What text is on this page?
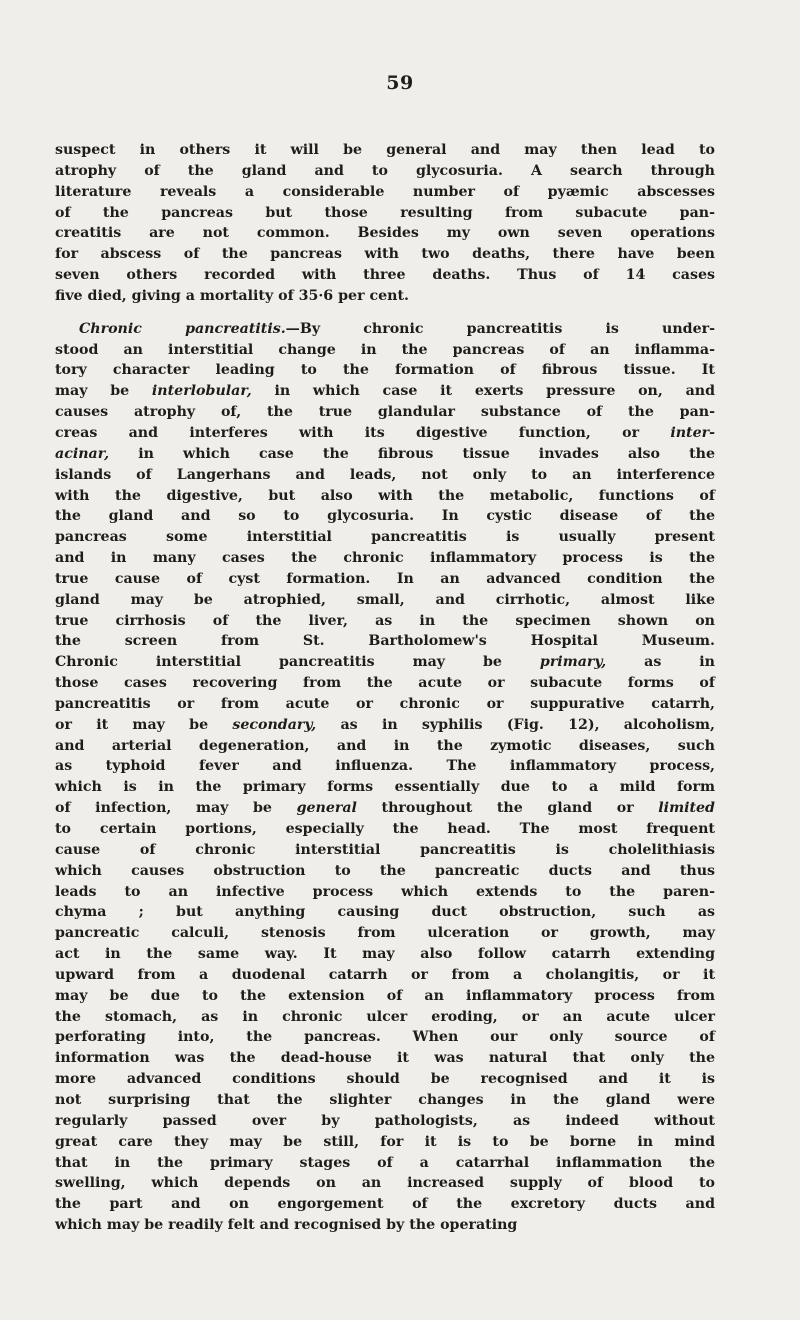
59
suspect in others it will be general and may then lead to
atrophy of the gland and to glycosuria. A search through
literature reveals a considerable number of pyæmic abscesses
of the pancreas but those resulting from subacute pan-
creatitis are not common. Besides my own seven operations
for abscess of the pancreas with two deaths, there have been
seven others recorded with three deaths. Thus of 14 cases
five died, giving a mortality of 35·6 per cent.
Chronic pancreatitis.—By chronic pancreatitis is under-
stood an interstitial change in the pancreas of an inflamma-
tory character leading to the formation of fibrous tissue. It
may be interlobular, in which case it exerts pressure on, and
causes atrophy of, the true glandular substance of the pan-
creas and interferes with its digestive function, or inter-
acinar, in which case the fibrous tissue invades also the
islands of Langerhans and leads, not only to an interference
with the digestive, but also with the metabolic, functions of
the gland and so to glycosuria. In cystic disease of the
pancreas some interstitial pancreatitis is usually present
and in many cases the chronic inflammatory process is the
true cause of cyst formation. In an advanced condition the
gland may be atrophied, small, and cirrhotic, almost like
true cirrhosis of the liver, as in the specimen shown on
the screen from St. Bartholomew's Hospital Museum.
Chronic interstitial pancreatitis may be primary, as in
those cases recovering from the acute or subacute forms of
pancreatitis or from acute or chronic or suppurative catarrh,
or it may be secondary, as in syphilis (Fig. 12), alcoholism,
and arterial degeneration, and in the zymotic diseases, such
as typhoid fever and influenza. The inflammatory process,
which is in the primary forms essentially due to a mild form
of infection, may be general throughout the gland or limited
to certain portions, especially the head. The most frequent
cause of chronic interstitial pancreatitis is cholelithiasis
which causes obstruction to the pancreatic ducts and thus
leads to an infective process which extends to the paren-
chyma ; but anything causing duct obstruction, such as
pancreatic calculi, stenosis from ulceration or growth, may
act in the same way. It may also follow catarrh extending
upward from a duodenal catarrh or from a cholangitis, or it
may be due to the extension of an inflammatory process from
the stomach, as in chronic ulcer eroding, or an acute ulcer
perforating into, the pancreas. When our only source of
information was the dead-house it was natural that only the
more advanced conditions should be recognised and it is
not surprising that the slighter changes in the gland were
regularly passed over by pathologists, as indeed without
great care they may be still, for it is to be borne in mind
that in the primary stages of a catarrhal inflammation the
swelling, which depends on an increased supply of blood to
the part and on engorgement of the excretory ducts and
which may be readily felt and recognised by the operating
